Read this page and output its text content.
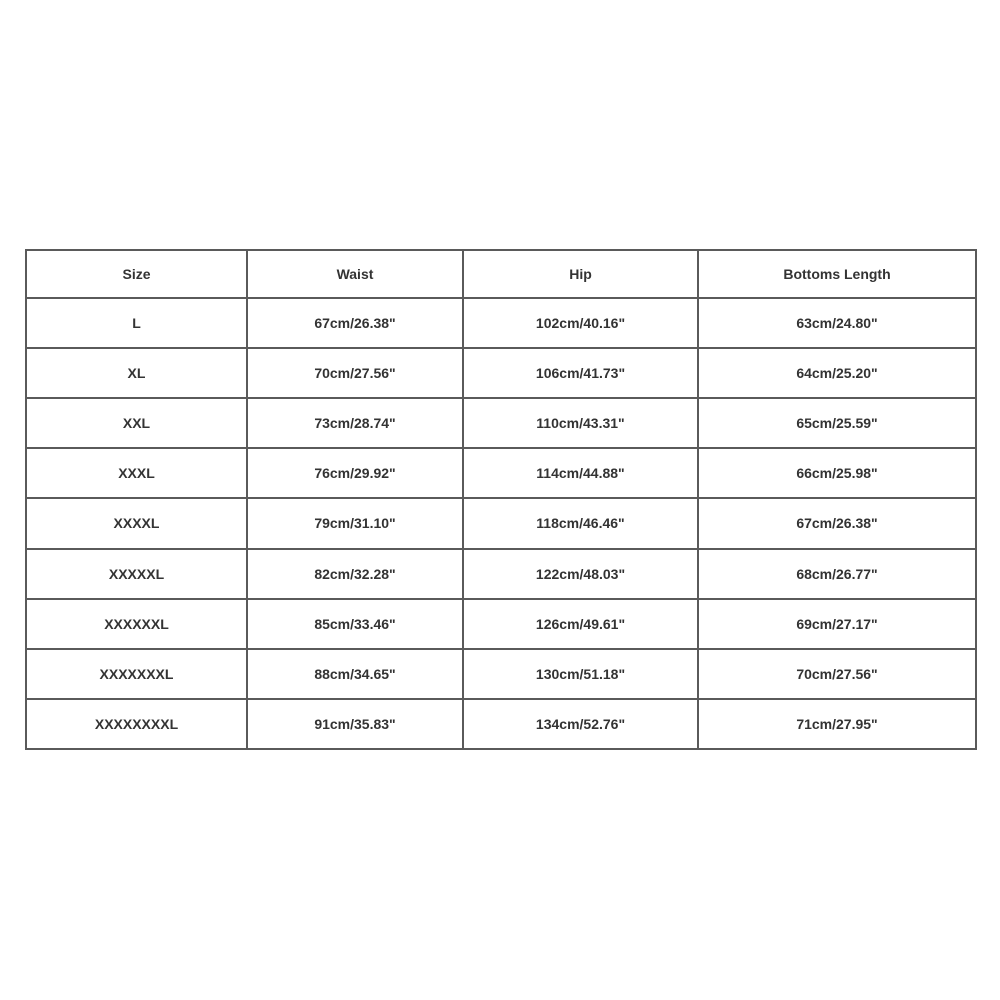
Size	Waist	Hip	Bottoms Length
L	67cm/26.38"	102cm/40.16"	63cm/24.80"
XL	70cm/27.56"	106cm/41.73"	64cm/25.20"
XXL	73cm/28.74"	110cm/43.31"	65cm/25.59"
XXXL	76cm/29.92"	114cm/44.88"	66cm/25.98"
XXXXL	79cm/31.10"	118cm/46.46"	67cm/26.38"
XXXXXL	82cm/32.28"	122cm/48.03"	68cm/26.77"
XXXXXXL	85cm/33.46"	126cm/49.61"	69cm/27.17"
XXXXXXXL	88cm/34.65"	130cm/51.18"	70cm/27.56"
XXXXXXXXL	91cm/35.83"	134cm/52.76"	71cm/27.95"
